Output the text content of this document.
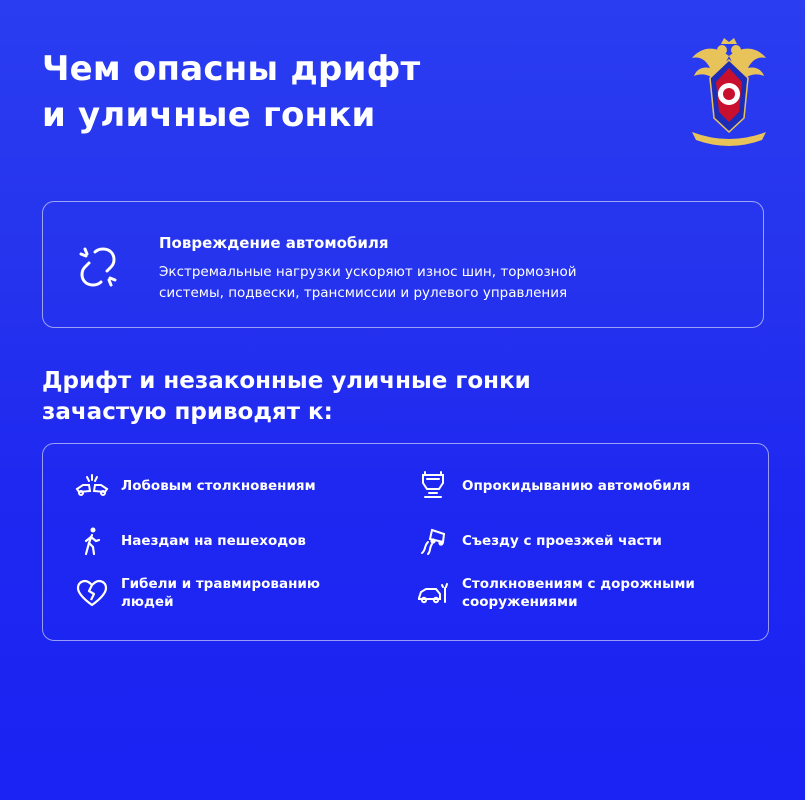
Чем опасны дрифт
и уличные гонки
Повреждение автомобиля
Экстремальные нагрузки ускоряют износ шин, тормозной
системы, подвески, трансмиссии и рулевого управления
Дрифт и незаконные уличные гонки
зачастую приводят к:
Лобовым столкновениям
Наездам на пешеходов
Гибели и травмированию
людей
Опрокидыванию автомобиля
Съезду с проезжей части
Столкновениям с дорожными
сооружениями
